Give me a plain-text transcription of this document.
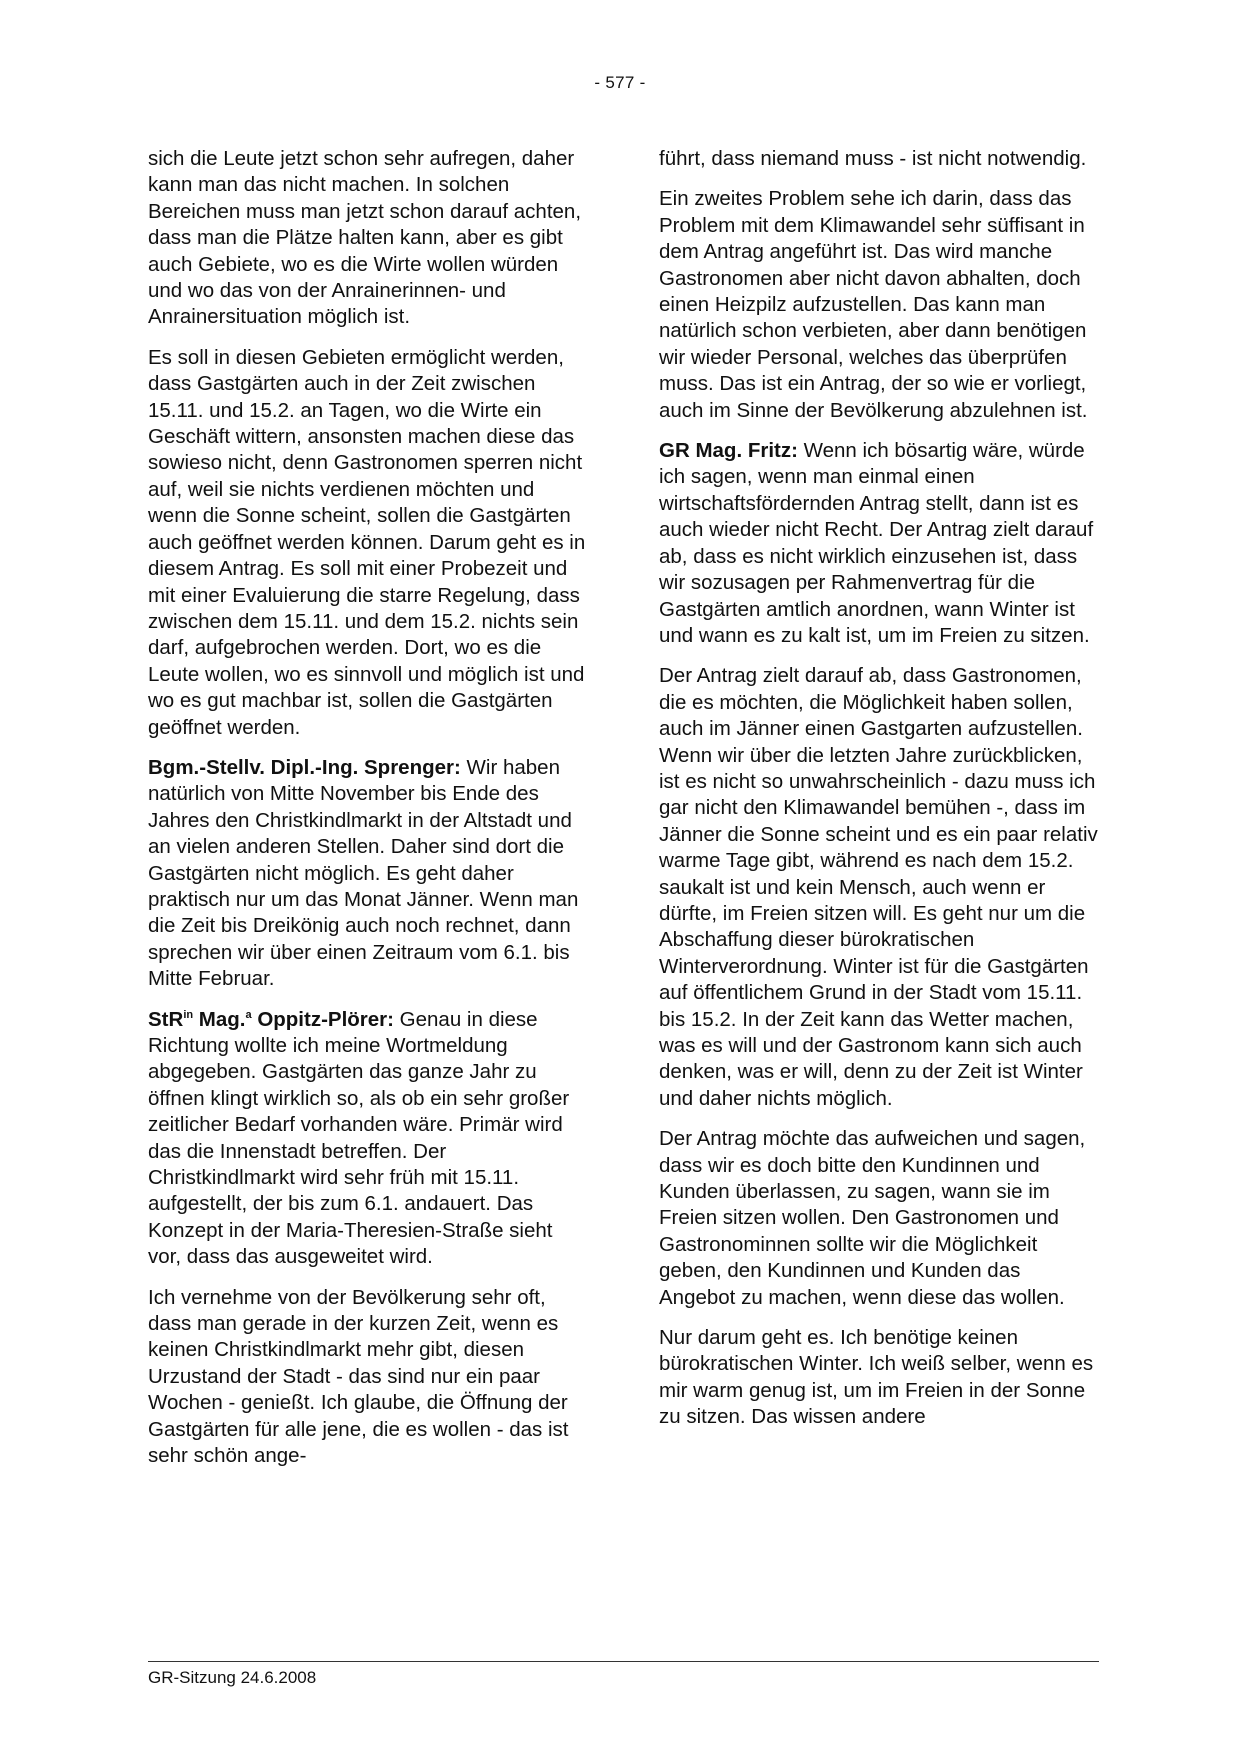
- 577 -

sich die Leute jetzt schon sehr aufregen, daher kann man das nicht machen. In solchen Bereichen muss man jetzt schon darauf achten, dass man die Plätze halten kann, aber es gibt auch Gebiete, wo es die Wirte wollen würden und wo das von der Anrainerinnen- und Anrainersituation möglich ist.

Es soll in diesen Gebieten ermöglicht werden, dass Gastgärten auch in der Zeit zwischen 15.11. und 15.2. an Tagen, wo die Wirte ein Geschäft wittern, ansonsten machen diese das sowieso nicht, denn Gastronomen sperren nicht auf, weil sie nichts verdienen möchten und wenn die Sonne scheint, sollen die Gastgärten auch geöffnet werden können. Darum geht es in diesem Antrag. Es soll mit einer Probezeit und mit einer Evaluierung die starre Regelung, dass zwischen dem 15.11. und dem 15.2. nichts sein darf, aufgebrochen werden. Dort, wo es die Leute wollen, wo es sinnvoll und möglich ist und wo es gut machbar ist, sollen die Gastgärten geöffnet werden.

Bgm.-Stellv. Dipl.-Ing. Sprenger: Wir haben natürlich von Mitte November bis Ende des Jahres den Christkindlmarkt in der Altstadt und an vielen anderen Stellen. Daher sind dort die Gastgärten nicht möglich. Es geht daher praktisch nur um das Monat Jänner. Wenn man die Zeit bis Dreikönig auch noch rechnet, dann sprechen wir über einen Zeitraum vom 6.1. bis Mitte Februar.

StR$^{in}$ Mag.$^a$ Oppitz-Plörer: Genau in diese Richtung wollte ich meine Wortmeldung abgegeben. Gastgärten das ganze Jahr zu öffnen klingt wirklich so, als ob ein sehr großer zeitlicher Bedarf vorhanden wäre. Primär wird das die Innenstadt betreffen. Der Christkindlmarkt wird sehr früh mit 15.11. aufgestellt, der bis zum 6.1. andauert. Das Konzept in der Maria-Theresien-Straße sieht vor, dass das ausgeweitet wird.

Ich vernehme von der Bevölkerung sehr oft, dass man gerade in der kurzen Zeit, wenn es keinen Christkindlmarkt mehr gibt, diesen Urzustand der Stadt - das sind nur ein paar Wochen - genießt. Ich glaube, die Öffnung der Gastgärten für alle jene, die es wollen - das ist sehr schön ange-

führt, dass niemand muss - ist nicht notwendig.

Ein zweites Problem sehe ich darin, dass das Problem mit dem Klimawandel sehr süffisant in dem Antrag angeführt ist. Das wird manche Gastronomen aber nicht davon abhalten, doch einen Heizpilz aufzustellen. Das kann man natürlich schon verbieten, aber dann benötigen wir wieder Personal, welches das überprüfen muss. Das ist ein Antrag, der so wie er vorliegt, auch im Sinne der Bevölkerung abzulehnen ist.

GR Mag. Fritz: Wenn ich bösartig wäre, würde ich sagen, wenn man einmal einen wirtschaftsfördernden Antrag stellt, dann ist es auch wieder nicht Recht. Der Antrag zielt darauf ab, dass es nicht wirklich einzusehen ist, dass wir sozusagen per Rahmenvertrag für die Gastgärten amtlich anordnen, wann Winter ist und wann es zu kalt ist, um im Freien zu sitzen.

Der Antrag zielt darauf ab, dass Gastronomen, die es möchten, die Möglichkeit haben sollen, auch im Jänner einen Gastgarten aufzustellen. Wenn wir über die letzten Jahre zurückblicken, ist es nicht so unwahrscheinlich - dazu muss ich gar nicht den Klimawandel bemühen -, dass im Jänner die Sonne scheint und es ein paar relativ warme Tage gibt, während es nach dem 15.2. saukalt ist und kein Mensch, auch wenn er dürfte, im Freien sitzen will. Es geht nur um die Abschaffung dieser bürokratischen Winterverordnung. Winter ist für die Gastgärten auf öffentlichem Grund in der Stadt vom 15.11. bis 15.2. In der Zeit kann das Wetter machen, was es will und der Gastronom kann sich auch denken, was er will, denn zu der Zeit ist Winter und daher nichts möglich.

Der Antrag möchte das aufweichen und sagen, dass wir es doch bitte den Kundinnen und Kunden überlassen, zu sagen, wann sie im Freien sitzen wollen. Den Gastronomen und Gastronominnen sollte wir die Möglichkeit geben, den Kundinnen und Kunden das Angebot zu machen, wenn diese das wollen.

Nur darum geht es. Ich benötige keinen bürokratischen Winter. Ich weiß selber, wenn es mir warm genug ist, um im Freien in der Sonne zu sitzen. Das wissen andere

GR-Sitzung 24.6.2008
